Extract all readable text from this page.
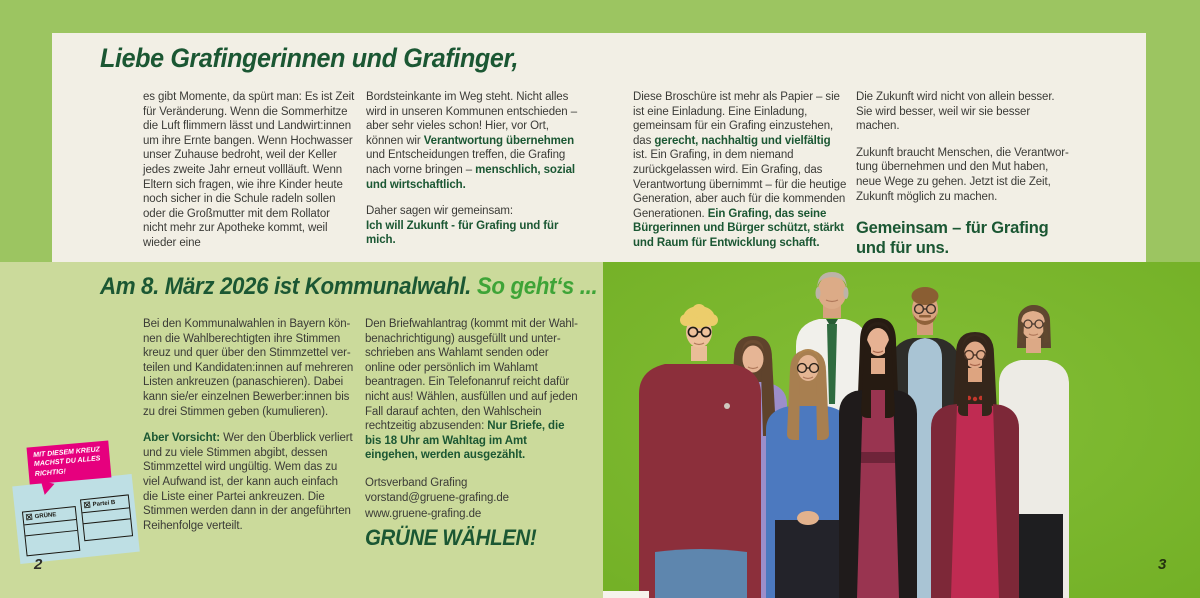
Liebe Grafingerinnen und Grafinger,

es gibt Momente, da spürt man: Es ist Zeit für Veränderung. Wenn die Sommerhitze die Luft flimmern lässt und Landwirt:innen um ihre Ernte bangen. Wenn Hochwasser unser Zuhause bedroht, weil der Keller jedes zweite Jahr erneut vollläuft. Wenn Eltern sich fragen, wie ihre Kinder heute noch sicher in die Schule radeln sollen oder die Großmutter mit dem Rollator nicht mehr zur Apotheke kommt, weil wieder eine

Bordsteinkante im Weg steht. Nicht alles wird in unseren Kommunen entschieden – aber sehr vieles schon! Hier, vor Ort, können wir Verantwortung übernehmen und Entscheidungen treffen, die Grafing nach vorne bringen – menschlich, sozial und wirtschaftlich.

Daher sagen wir gemeinsam:
Ich will Zukunft - für Grafing und für mich.

Diese Broschüre ist mehr als Papier – sie ist eine Einladung. Eine Einladung, gemeinsam für ein Grafing einzustehen, das gerecht, nachhaltig und vielfältig ist. Ein Grafing, in dem niemand zurückgelassen wird. Ein Grafing, das Verantwortung übernimmt – für die heutige Generation, aber auch für die kommenden Generationen. Ein Grafing, das seine Bürgerinnen und Bürger schützt, stärkt und Raum für Entwicklung schafft.

Die Zukunft wird nicht von allein besser. Sie wird besser, weil wir sie besser machen.

Zukunft braucht Menschen, die Verantwortung übernehmen und den Mut haben, neue Wege zu gehen. Jetzt ist die Zeit, Zukunft möglich zu machen.

Gemeinsam – für Grafing und für uns.

Am 8. März 2026 ist Kommunalwahl. So geht‘s ...

Bei den Kommunalwahlen in Bayern können die Wahlberechtigten ihre Stimmen kreuz und quer über den Stimmzettel verteilen und Kandidaten:innen auf mehreren Listen ankreuzen (panaschieren). Dabei kann sie/er einzelnen Bewerber:innen bis zu drei Stimmen geben (kumulieren).

Aber Vorsicht: Wer den Überblick verliert und zu viele Stimmen abgibt, dessen Stimmzettel wird ungültig. Wem das zu viel Aufwand ist, der kann auch einfach die Liste einer Partei ankreuzen. Die Stimmen werden dann in der angeführten Reihenfolge verteilt.

Den Briefwahlantrag (kommt mit der Wahlbenachrichtigung) ausgefüllt und unterschrieben ans Wahlamt senden oder online oder persönlich im Wahlamt beantragen. Ein Telefonanruf reicht dafür nicht aus! Wählen, ausfüllen und auf jeden Fall darauf achten, den Wahlschein rechtzeitig abzusenden: Nur Briefe, die bis 18 Uhr am Wahltag im Amt eingehen, werden ausgezählt.

Ortsverband Grafing
vorstand@gruene-grafing.de
www.gruene-grafing.de

GRÜNE WÄHLEN!
☒ GRÜNE
☒ Partei B
MIT DIESEM KREUZ MACHST DU ALLES RICHTIG!
2	3
